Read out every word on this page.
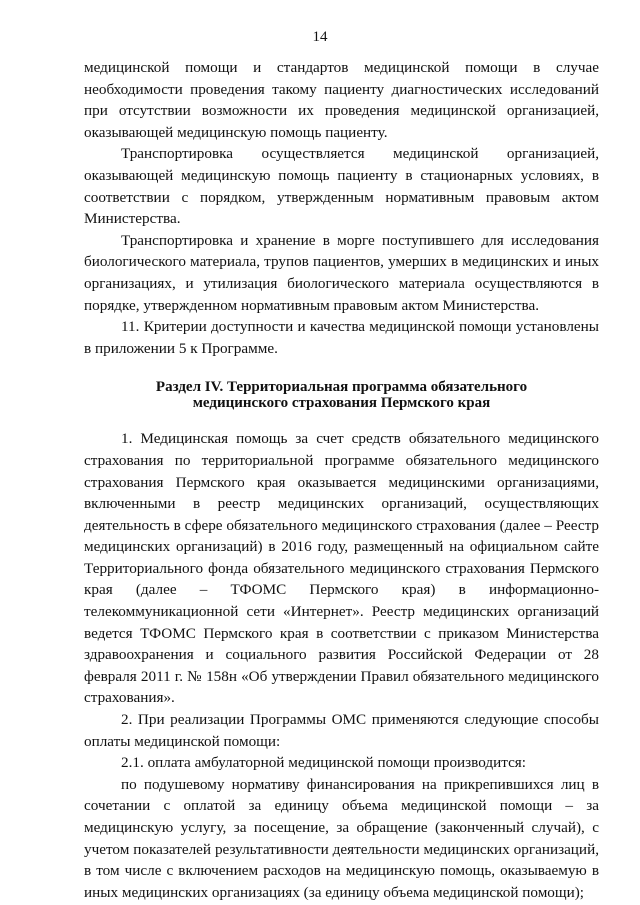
14

медицинской помощи и стандартов медицинской помощи в случае необходимости проведения такому пациенту диагностических исследований при отсутствии возможности их проведения медицинской организацией, оказывающей медицинскую помощь пациенту.

Транспортировка осуществляется медицинской организацией, оказывающей медицинскую помощь пациенту в стационарных условиях, в соответствии с порядком, утвержденным нормативным правовым актом Министерства.

Транспортировка и хранение в морге поступившего для исследования биологического материала, трупов пациентов, умерших в медицинских и иных организациях, и утилизация биологического материала осуществляются в порядке, утвержденном нормативным правовым актом Министерства.

11. Критерии доступности и качества медицинской помощи установлены в приложении 5 к Программе.

Раздел IV. Территориальная программа обязательного
медицинского страхования Пермского края

1. Медицинская помощь за счет средств обязательного медицинского страхования по территориальной программе обязательного медицинского страхования Пермского края оказывается медицинскими организациями, включенными в реестр медицинских организаций, осуществляющих деятельность в сфере обязательного медицинского страхования (далее – Реестр медицинских организаций) в 2016 году, размещенный на официальном сайте Территориального фонда обязательного медицинского страхования Пермского края (далее – ТФОМС Пермского края) в информационно-телекоммуникационной сети «Интернет». Реестр медицинских организаций ведется ТФОМС Пермского края в соответствии с приказом Министерства здравоохранения и социального развития Российской Федерации от 28 февраля 2011 г. № 158н «Об утверждении Правил обязательного медицинского страхования».

2. При реализации Программы ОМС применяются следующие способы оплаты медицинской помощи:

2.1. оплата амбулаторной медицинской помощи производится:

по подушевому нормативу финансирования на прикрепившихся лиц в сочетании с оплатой за единицу объема медицинской помощи – за медицинскую услугу, за посещение, за обращение (законченный случай), с учетом показателей результативности деятельности медицинских организаций, в том числе с включением расходов на медицинскую помощь, оказываемую в иных медицинских организациях (за единицу объема медицинской помощи);
